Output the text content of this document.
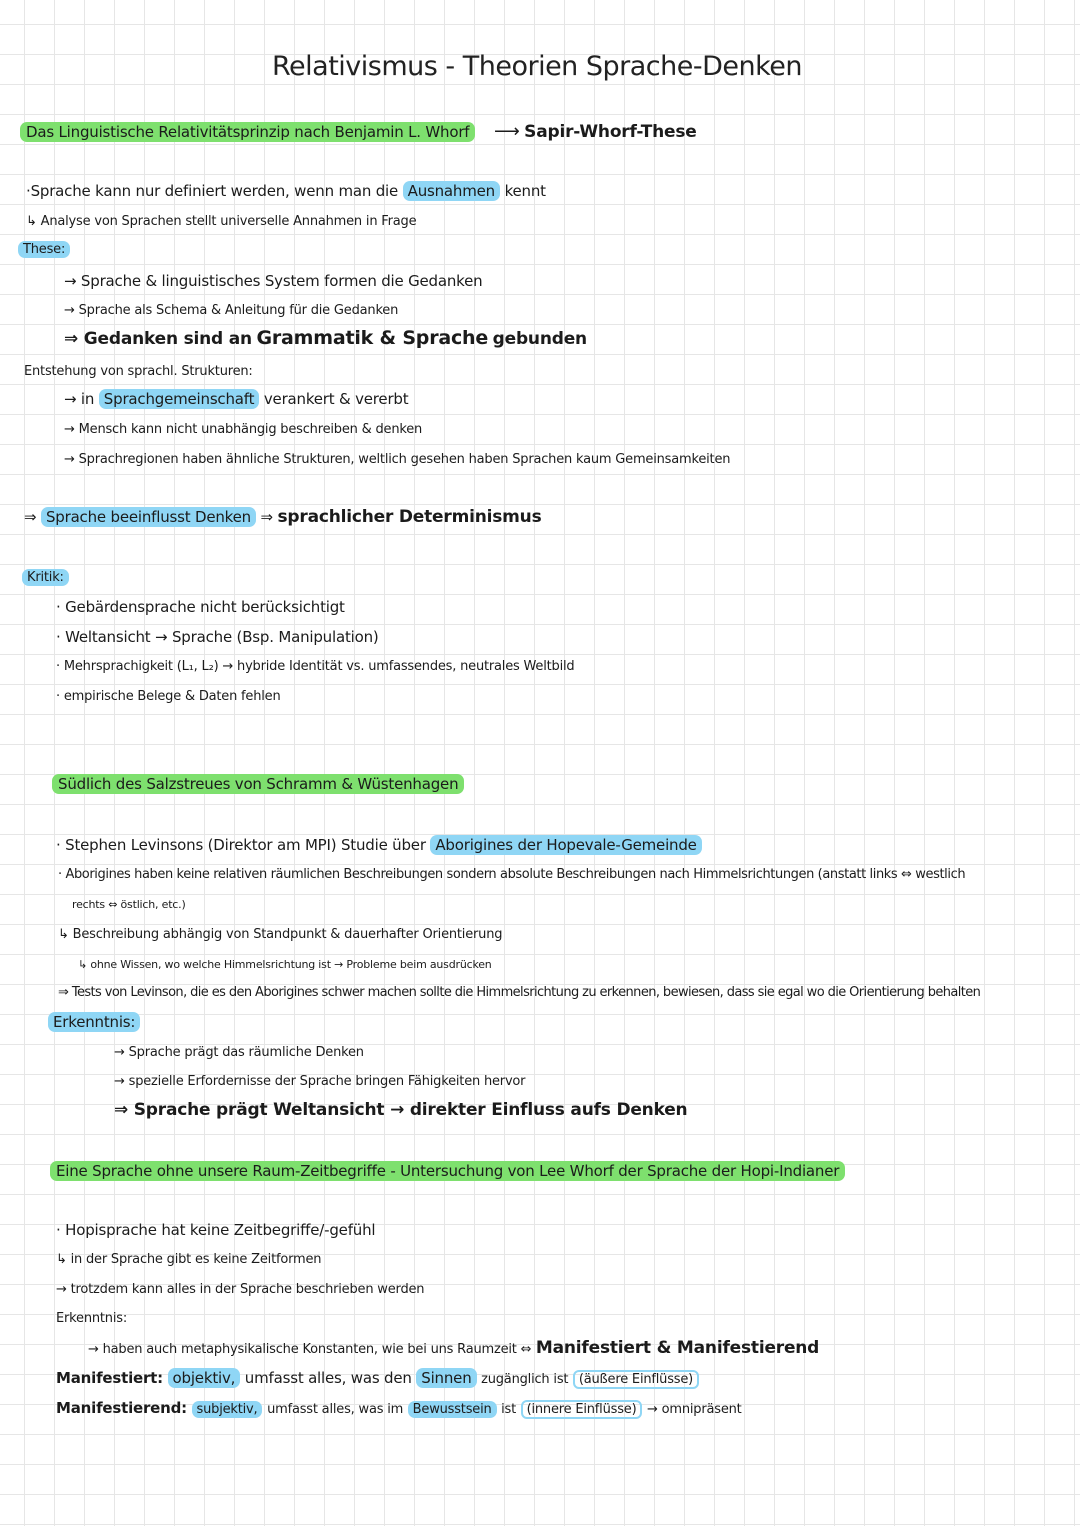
Relativismus - Theorien Sprache-Denken
Das Linguistische Relativitätsprinzip nach Benjamin L. Whorf ⟶ Sapir-Whorf-These
·Sprache kann nur definiert werden, wenn man die Ausnahmen kennt
↳ Analyse von Sprachen stellt universelle Annahmen in Frage
These:
→ Sprache & linguistisches System formen die Gedanken
→ Sprache als Schema & Anleitung für die Gedanken
⇒ Gedanken sind an Grammatik & Sprache gebunden
Entstehung von sprachl. Strukturen:
→ in Sprachgemeinschaft verankert & vererbt
→ Mensch kann nicht unabhängig beschreiben & denken
→ Sprachregionen haben ähnliche Strukturen, weltlich gesehen haben Sprachen kaum Gemeinsamkeiten
⇒ Sprache beeinflusst Denken ⇒ sprachlicher Determinismus
Kritik:
· Gebärdensprache nicht berücksichtigt
· Weltansicht → Sprache (Bsp. Manipulation)
· Mehrsprachigkeit (L₁, L₂) → hybride Identität vs. umfassendes, neutrales Weltbild
· empirische Belege & Daten fehlen
Südlich des Salzstreues von Schramm & Wüstenhagen
· Stephen Levinsons (Direktor am MPI) Studie über Aborigines der Hopevale-Gemeinde
· Aborigines haben keine relativen räumlichen Beschreibungen sondern absolute Beschreibungen nach Himmelsrichtungen (anstatt links ⇔ westlich
rechts ⇔ östlich, etc.)
↳ Beschreibung abhängig von Standpunkt & dauerhafter Orientierung
↳ ohne Wissen, wo welche Himmelsrichtung ist → Probleme beim ausdrücken
⇒ Tests von Levinson, die es den Aborigines schwer machen sollte die Himmelsrichtung zu erkennen, bewiesen, dass sie egal wo die Orientierung behalten
Erkenntnis:
→ Sprache prägt das räumliche Denken
→ spezielle Erfordernisse der Sprache bringen Fähigkeiten hervor
⇒ Sprache prägt Weltansicht → direkter Einfluss aufs Denken
Eine Sprache ohne unsere Raum-Zeitbegriffe - Untersuchung von Lee Whorf der Sprache der Hopi-Indianer
· Hopisprache hat keine Zeitbegriffe/-gefühl
↳ in der Sprache gibt es keine Zeitformen
→ trotzdem kann alles in der Sprache beschrieben werden
Erkenntnis:
→ haben auch metaphysikalische Konstanten, wie bei uns Raumzeit ⇔ Manifestiert & Manifestierend
Manifestiert: objektiv, umfasst alles, was den Sinnen zugänglich ist (äußere Einflüsse)
Manifestierend: subjektiv, umfasst alles, was im Bewusstsein ist (innere Einflüsse) → omnipräsent
